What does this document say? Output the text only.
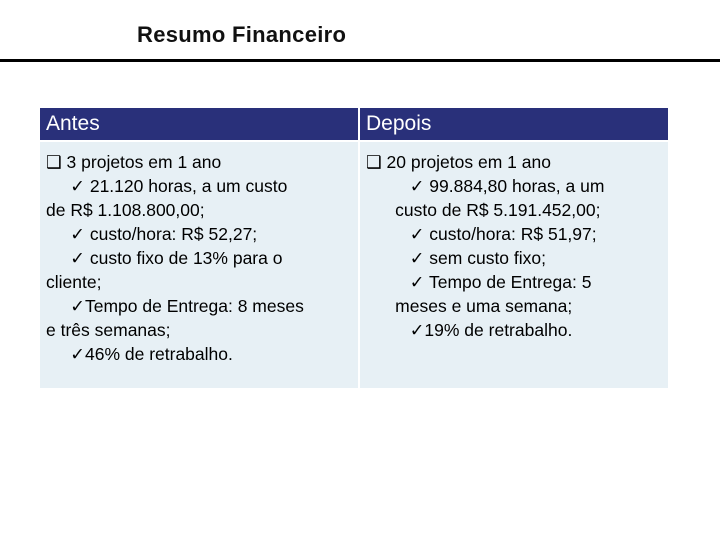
Resumo Financeiro
Antes
❑ 3 projetos em 1 ano
✓ 21.120 horas, a um custo
de R$ 1.108.800,00;
✓ custo/hora: R$ 52,27;
✓ custo fixo de 13% para o
cliente;
✓Tempo de Entrega: 8 meses
e três semanas;
✓46% de retrabalho.
Depois
❑ 20 projetos em 1 ano
✓ 99.884,80 horas, a um
custo de R$ 5.191.452,00;
✓ custo/hora: R$ 51,97;
✓ sem custo fixo;
✓ Tempo de Entrega: 5
meses e uma semana;
✓19% de retrabalho.
